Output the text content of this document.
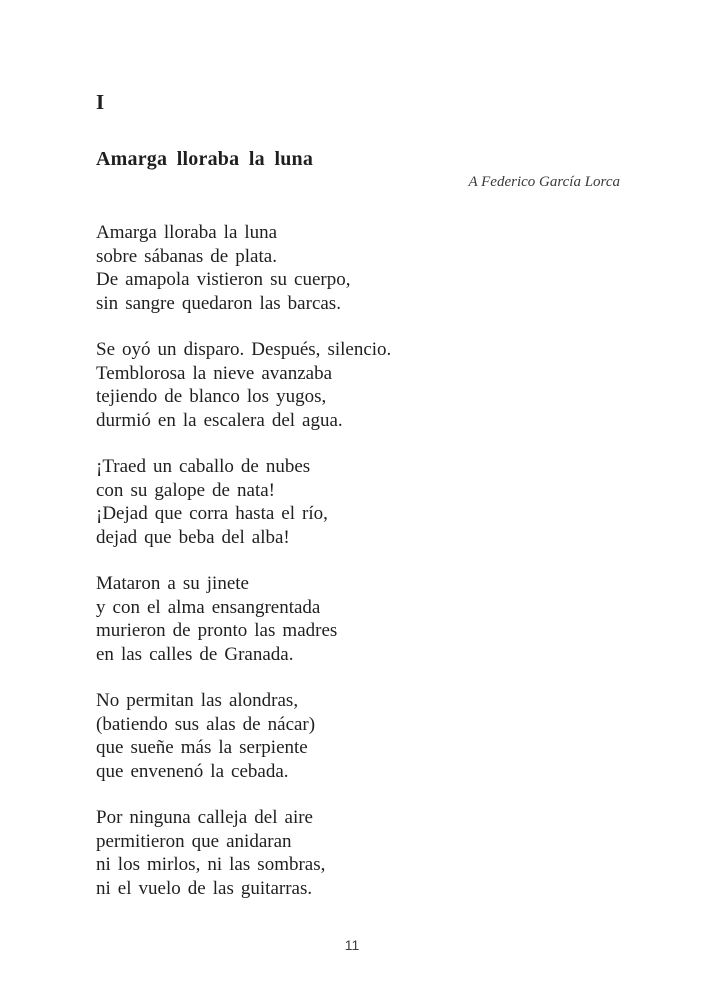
I
Amarga lloraba la luna
A Federico García Lorca
Amarga lloraba la luna
sobre sábanas de plata.
De amapola vistieron su cuerpo,
sin sangre quedaron las barcas.
Se oyó un disparo. Después, silencio.
Temblorosa la nieve avanzaba
tejiendo de blanco los yugos,
durmió en la escalera del agua.
¡Traed un caballo de nubes
con su galope de nata!
¡Dejad que corra hasta el río,
dejad que beba del alba!
Mataron a su jinete
y con el alma ensangrentada
murieron de pronto las madres
en las calles de Granada.
No permitan las alondras,
(batiendo sus alas de nácar)
que sueñe más la serpiente
que envenenó la cebada.
Por ninguna calleja del aire
permitieron que anidaran
ni los mirlos, ni las sombras,
ni el vuelo de las guitarras.
11
